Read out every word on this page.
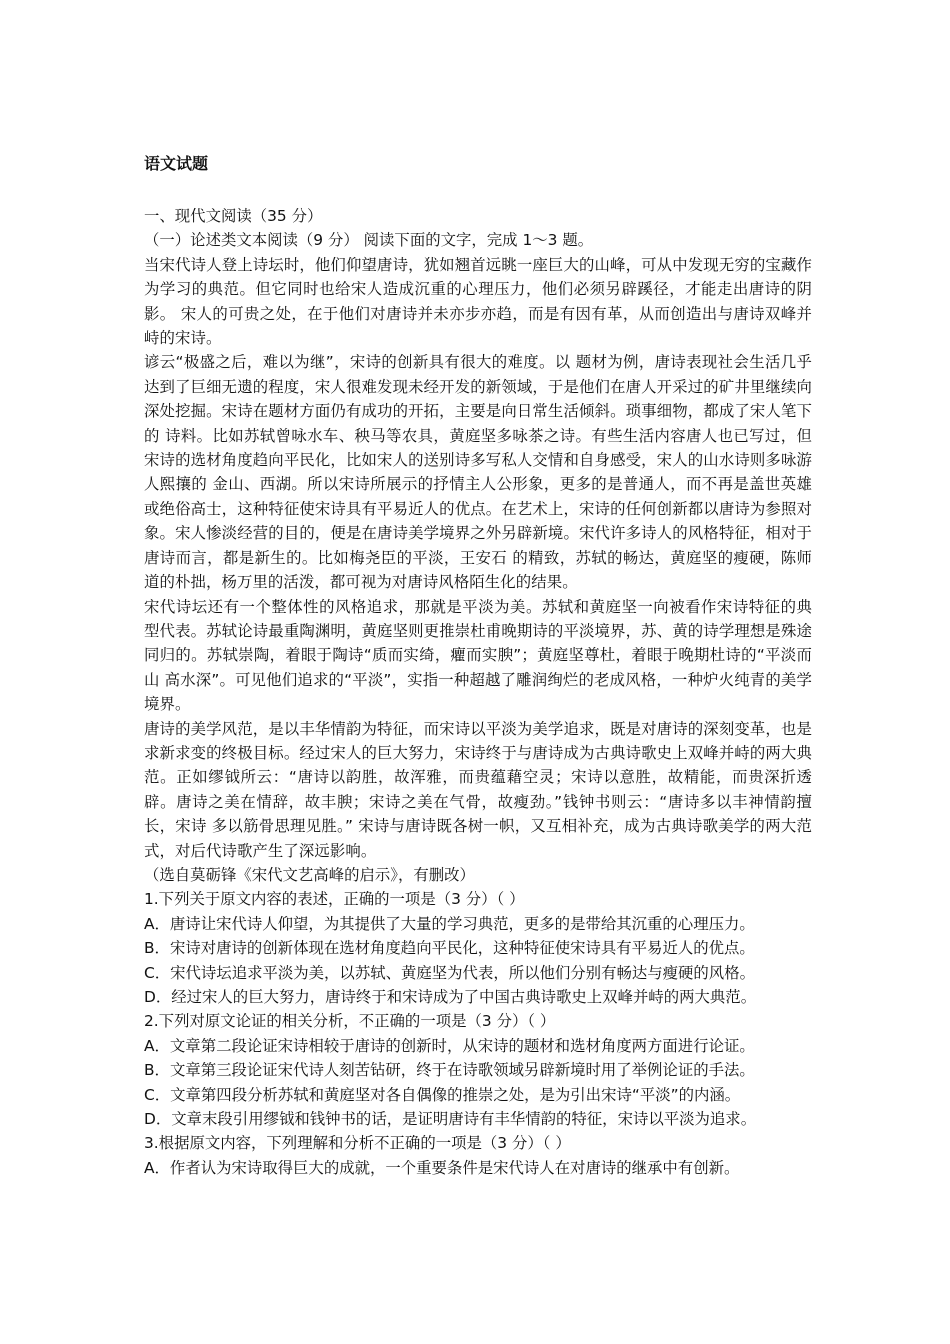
语文试题

一、现代文阅读（35 分）

（一）论述类文本阅读（9 分） 阅读下面的文字，完成 1～3 题。

当宋代诗人登上诗坛时，他们仰望唐诗，犹如翘首远眺一座巨大的山峰，可从中发现无穷的宝藏作为学习的典范。但它同时也给宋人造成沉重的心理压力，他们必须另辟蹊径，才能走出唐诗的阴影。 宋人的可贵之处，在于他们对唐诗并未亦步亦趋，而是有因有革，从而创造出与唐诗双峰并峙的宋诗。

谚云“极盛之后，难以为继”，宋诗的创新具有很大的难度。以 题材为例，唐诗表现社会生活几乎达到了巨细无遗的程度，宋人很难发现未经开发的新领域，于是他们在唐人开采过的矿井里继续向 深处挖掘。宋诗在题材方面仍有成功的开拓，主要是向日常生活倾斜。琐事细物，都成了宋人笔下的 诗料。比如苏轼曾咏水车、秧马等农具，黄庭坚多咏茶之诗。有些生活内容唐人也已写过，但宋诗的选材角度趋向平民化，比如宋人的送别诗多写私人交情和自身感受，宋人的山水诗则多咏游人熙攘的 金山、西湖。所以宋诗所展示的抒情主人公形象，更多的是普通人，而不再是盖世英雄或绝俗高士，这种特征使宋诗具有平易近人的优点。在艺术上，宋诗的任何创新都以唐诗为参照对象。宋人惨淡经营的目的，便是在唐诗美学境界之外另辟新境。宋代许多诗人的风格特征，相对于唐诗而言，都是新生的。比如梅尧臣的平淡，王安石 的精致，苏轼的畅达，黄庭坚的瘦硬，陈师道的朴拙，杨万里的活泼，都可视为对唐诗风格陌生化的结果。

宋代诗坛还有一个整体性的风格追求，那就是平淡为美。苏轼和黄庭坚一向被看作宋诗特征的典 型代表。苏轼论诗最重陶渊明，黄庭坚则更推崇杜甫晚期诗的平淡境界，苏、黄的诗学理想是殊途同归的。苏轼崇陶，着眼于陶诗“质而实绮，癯而实腴”；黄庭坚尊杜，着眼于晚期杜诗的“平淡而山 高水深”。可见他们追求的“平淡”，实指一种超越了雕润绚烂的老成风格，一种炉火纯青的美学境界。

唐诗的美学风范，是以丰华情韵为特征，而宋诗以平淡为美学追求，既是对唐诗的深刻变革，也是求新求变的终极目标。经过宋人的巨大努力，宋诗终于与唐诗成为古典诗歌史上双峰并峙的两大典 范。正如缪钺所云：“唐诗以韵胜，故浑雅，而贵蕴藉空灵；宋诗以意胜，故精能，而贵深折透辟。唐诗之美在情辞，故丰腴；宋诗之美在气骨，故瘦劲。”钱钟书则云：“唐诗多以丰神情韵擅长，宋诗 多以筋骨思理见胜。” 宋诗与唐诗既各树一帜，又互相补充，成为古典诗歌美学的两大范式，对后代诗歌产生了深远影响。

（选自莫砺锋《宋代文艺高峰的启示》，有删改）

1.下列关于原文内容的表述，正确的一项是（3 分）（ ）

A．唐诗让宋代诗人仰望，为其提供了大量的学习典范，更多的是带给其沉重的心理压力。

B．宋诗对唐诗的创新体现在选材角度趋向平民化，这种特征使宋诗具有平易近人的优点。

C．宋代诗坛追求平淡为美，以苏轼、黄庭坚为代表，所以他们分别有畅达与瘦硬的风格。

D．经过宋人的巨大努力，唐诗终于和宋诗成为了中国古典诗歌史上双峰并峙的两大典范。

2.下列对原文论证的相关分析，不正确的一项是（3 分）（ ）

A．文章第二段论证宋诗相较于唐诗的创新时，从宋诗的题材和选材角度两方面进行论证。

B．文章第三段论证宋代诗人刻苦钻研，终于在诗歌领域另辟新境时用了举例论证的手法。

C．文章第四段分析苏轼和黄庭坚对各自偶像的推崇之处，是为引出宋诗“平淡”的内涵。

D．文章末段引用缪钺和钱钟书的话，是证明唐诗有丰华情韵的特征，宋诗以平淡为追求。

3.根据原文内容，下列理解和分析不正确的一项是（3 分）（ ）

A．作者认为宋诗取得巨大的成就，一个重要条件是宋代诗人在对唐诗的继承中有创新。
